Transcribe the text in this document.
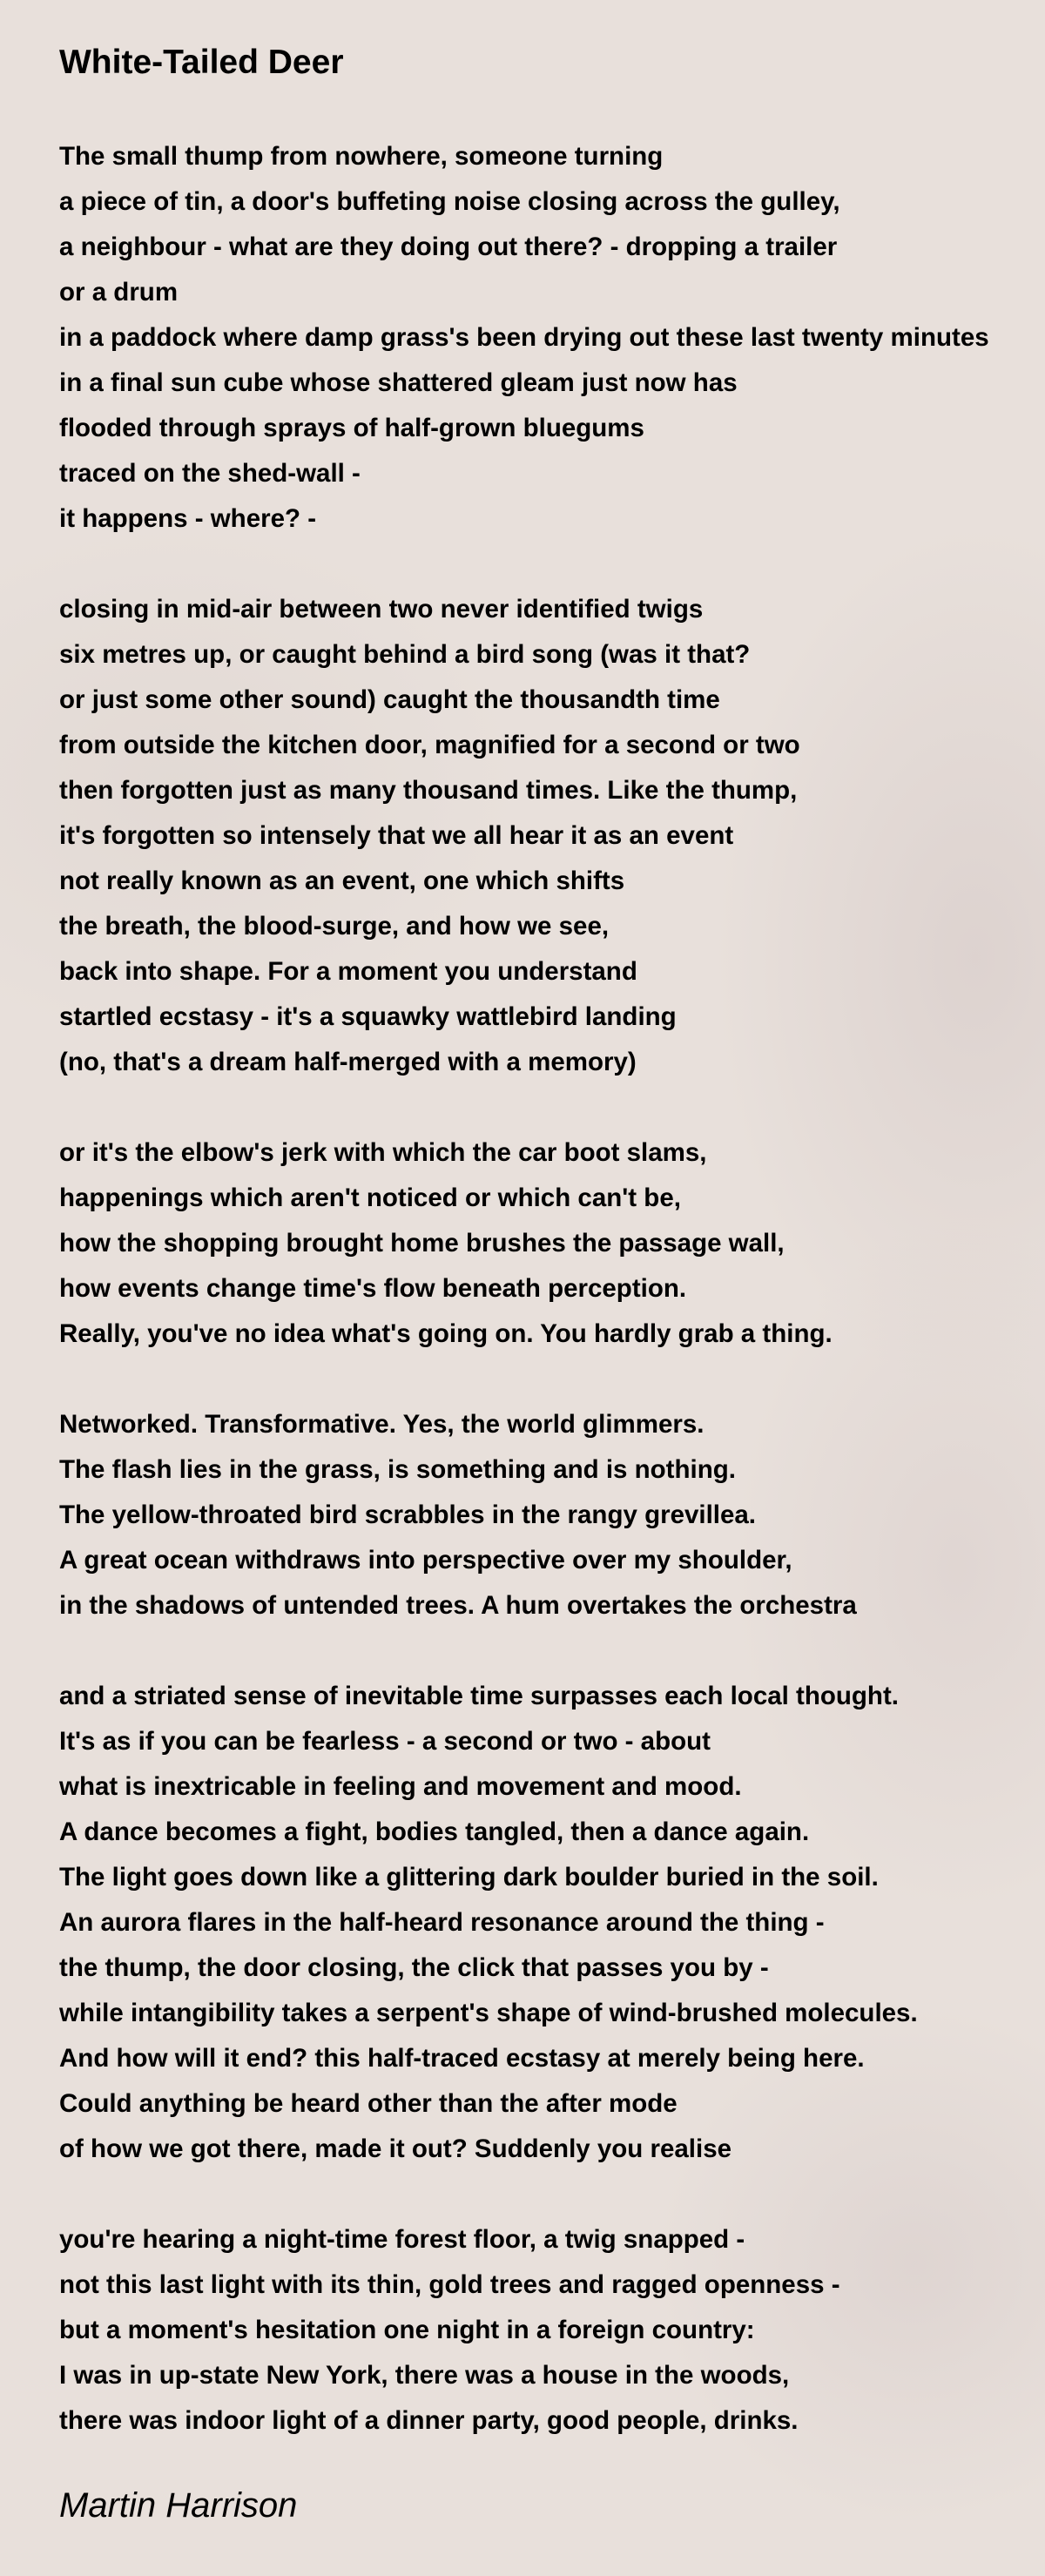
White-Tailed Deer
The small thump from nowhere, someone turning
a piece of tin, a door's buffeting noise closing across the gulley,
a neighbour - what are they doing out there? - dropping a trailer
or a drum
in a paddock where damp grass's been drying out these last twenty minutes
in a final sun cube whose shattered gleam just now has
flooded through sprays of half-grown bluegums
traced on the shed-wall -
it happens - where? -
closing in mid-air between two never identified twigs
six metres up, or caught behind a bird song (was it that?
or just some other sound) caught the thousandth time
from outside the kitchen door, magnified for a second or two
then forgotten just as many thousand times. Like the thump,
it's forgotten so intensely that we all hear it as an event
not really known as an event, one which shifts
the breath, the blood-surge, and how we see,
back into shape. For a moment you understand
startled ecstasy - it's a squawky wattlebird landing
(no, that's a dream half-merged with a memory)
or it's the elbow's jerk with which the car boot slams,
happenings which aren't noticed or which can't be,
how the shopping brought home brushes the passage wall,
how events change time's flow beneath perception.
Really, you've no idea what's going on. You hardly grab a thing.
Networked. Transformative. Yes, the world glimmers.
The flash lies in the grass, is something and is nothing.
The yellow-throated bird scrabbles in the rangy grevillea.
A great ocean withdraws into perspective over my shoulder,
in the shadows of untended trees. A hum overtakes the orchestra
and a striated sense of inevitable time surpasses each local thought.
It's as if you can be fearless - a second or two - about
what is inextricable in feeling and movement and mood.
A dance becomes a fight, bodies tangled, then a dance again.
The light goes down like a glittering dark boulder buried in the soil.
An aurora flares in the half-heard resonance around the thing -
the thump, the door closing, the click that passes you by -
while intangibility takes a serpent's shape of wind-brushed molecules.
And how will it end? this half-traced ecstasy at merely being here.
Could anything be heard other than the after mode
of how we got there, made it out? Suddenly you realise
you're hearing a night-time forest floor, a twig snapped -
not this last light with its thin, gold trees and ragged openness -
but a moment's hesitation one night in a foreign country:
I was in up-state New York, there was a house in the woods,
there was indoor light of a dinner party, good people, drinks.
Martin Harrison
